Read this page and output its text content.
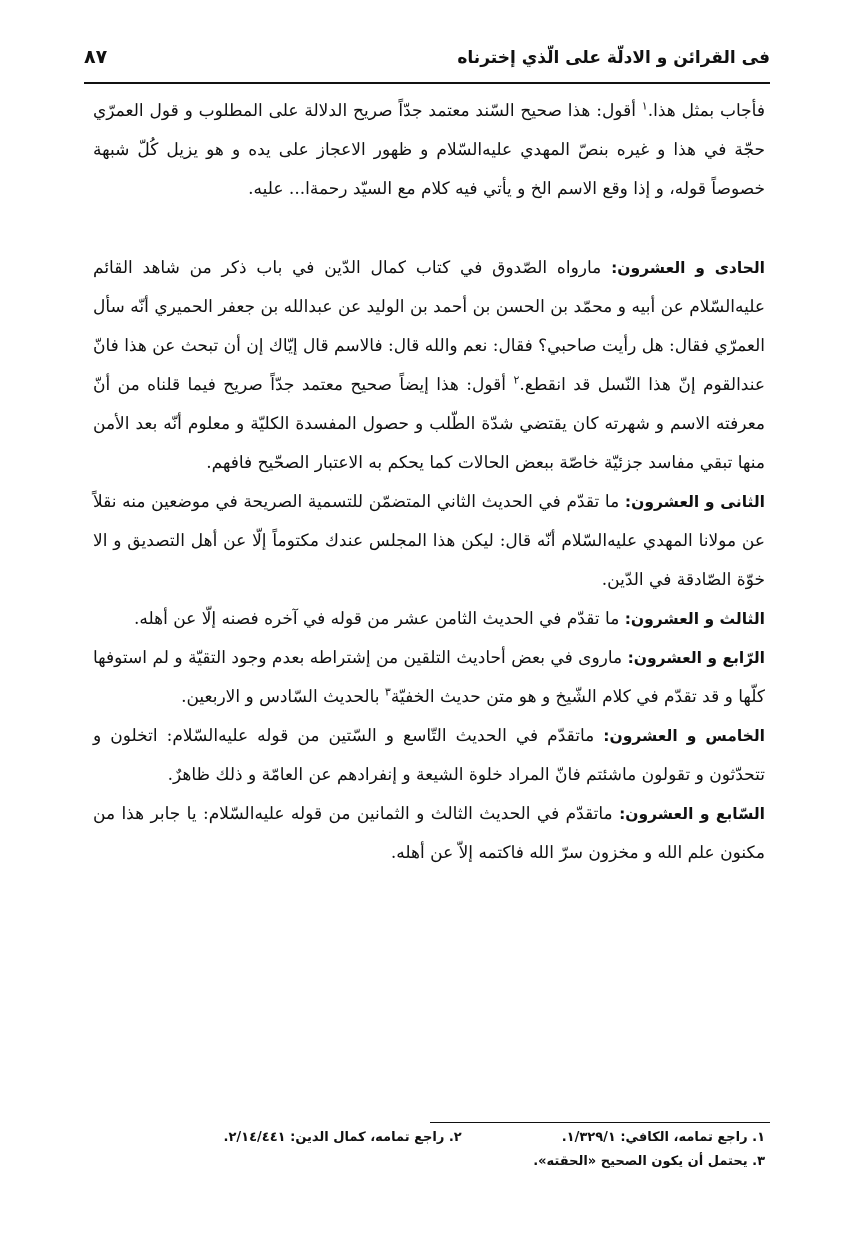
فى القرائن و الادلّة على الّذي إخترناه
٨٧

فأجاب بمثل هذا.$^١$ أقول: هذا صحيح السّند معتمد جدّاً صريح الدلالة على المطلوب و قول العمرّي حجّة في هذا و غيره بنصّ المهدي عليه‌السّلام و ظهور الاعجاز على يده و هو يزيل كُلّ شبهة خصوصاً قوله، و إذا وقع الاسم الخ و يأتي فيه كلام مع السيّد رحمةا... عليه.

الحادى و العشرون: مارواه الصّدوق في كتاب كمال الدّين في باب ذكر من شاهد القائم عليه‌السّلام عن أبيه و محمّد بن الحسن بن أحمد بن الوليد عن عبدالله بن جعفر الحميري أنّه سأل العمرّي فقال: هل رأيت صاحبي؟ فقال: نعم والله قال: فالاسم قال إيّاك إن أن تبحث عن هذا فانّ عندالقوم إنّ هذا النّسل قد انقطع.$^٢$ أقول: هذا إيضاً صحيح معتمد جدّاً صريح فيما قلناه من أنّ معرفته الاسم و شهرته كان يقتضي شدّة الطّلب و حصول المفسدة الكليّة و معلوم أنّه بعد الأمن منها تبقي مفاسد جزئيّة خاصّة ببعض الحالات كما يحكم به الاعتبار الصحّيح فافهم.

الثانى و العشرون: ما تقدّم في الحديث الثاني المتضمّن للتسمية الصريحة في موضعين منه نقلاً عن مولانا المهدي عليه‌السّلام أنّه قال: ليكن هذا المجلس عندك مكتوماً إلّا عن أهل التصديق و الا خوّة الصّادقة في الدّين.

الثالث و العشرون: ما تقدّم في الحديث الثامن عشر من قوله في آخره فصنه إلّا عن أهله.

الرّابع و العشرون: ماروى في بعض أحاديث التلقين من إشتراطه بعدم وجود التقيّة و لم استوفها كلّها و قد تقدّم في كلام الشّيخ و هو متن حديث الخفيّة$^٣$ بالحديث السّادس و الاربعين.

الخامس و العشرون: ماتقدّم في الحديث التّاسع و السّتين من قوله عليه‌السّلام: اتخلون و تتحدّثون و تقولون ماشئتم فانّ المراد خلوة الشيعة و إنفرادهم عن العامّة و ذلك ظاهرٌ.

السّابع و العشرون: ماتقدّم في الحديث الثالث و الثمانين من قوله عليه‌السّلام: يا جابر هذا من مكنون علم الله و مخزون سرّ الله فاكتمه إلاّ عن أهله.

١. راجع تمامه، الكافي: ١/٣٢٩/١.
٢. راجع تمامه، كمال الدين: ٢/١٤/٤٤١.
٣. يحتمل أن يكون الصحيح «الحقته».
